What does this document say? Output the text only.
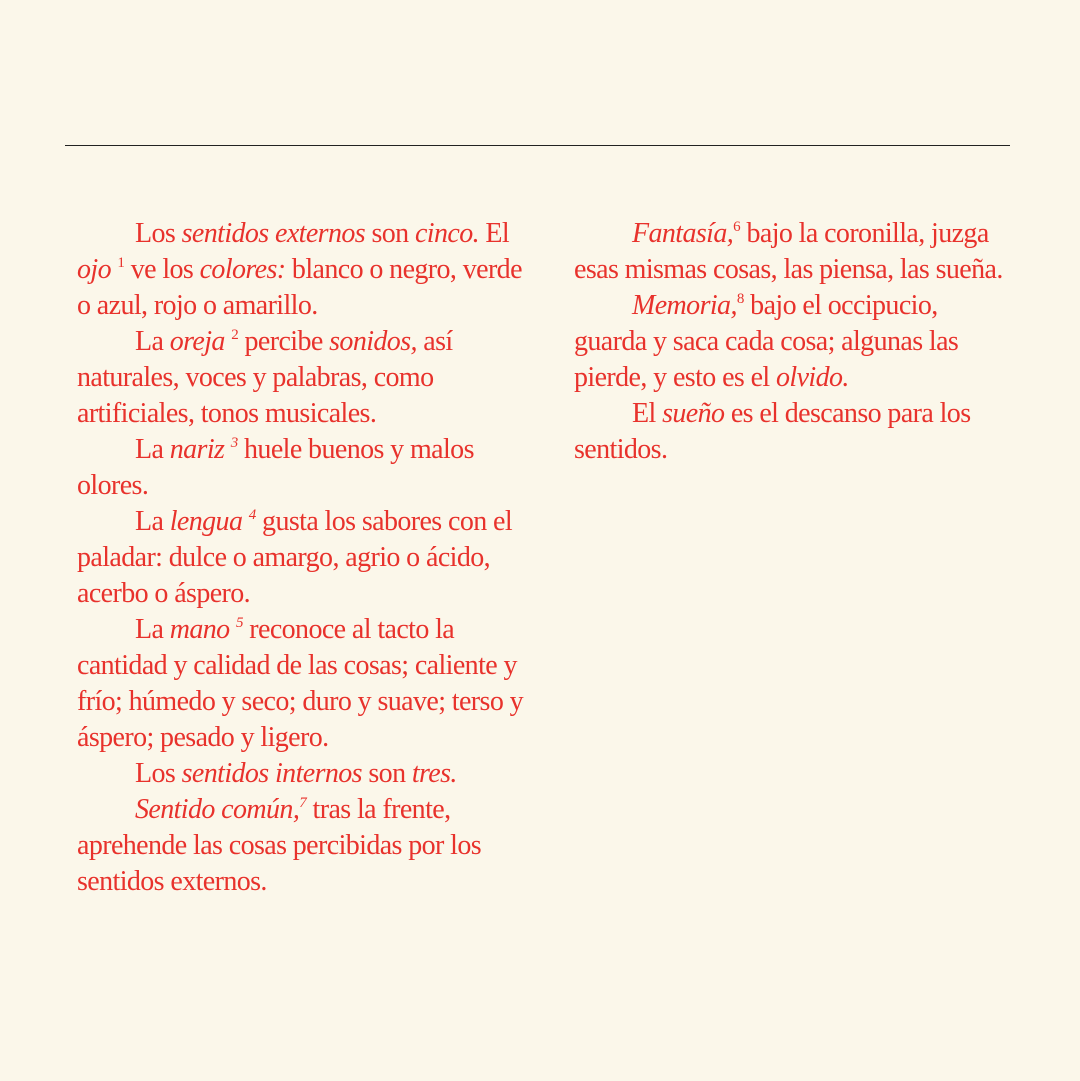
Los sentidos externos son cinco. El ojo $^1$ ve los colores: blanco o negro, verde o azul, rojo o amarillo.

La oreja $^2$ percibe sonidos, así naturales, voces y palabras, como artificiales, tonos musicales.

La nariz $^3$ huele buenos y malos olores.

La lengua $^4$ gusta los sabores con el paladar: dulce o amargo, agrio o ácido, acerbo o áspero.

La mano $^5$ reconoce al tacto la cantidad y calidad de las cosas; caliente y frío; húmedo y seco; duro y suave; terso y áspero; pesado y ligero.

Los sentidos internos son tres.

Sentido común,$^7$ tras la frente, aprehende las cosas percibidas por los sentidos externos.

Fantasía,$^6$ bajo la coronilla, juzga esas mismas cosas, las piensa, las sueña.

Memoria,$^8$ bajo el occipucio, guarda y saca cada cosa; algunas las pierde, y esto es el olvido.

El sueño es el descanso para los sentidos.
